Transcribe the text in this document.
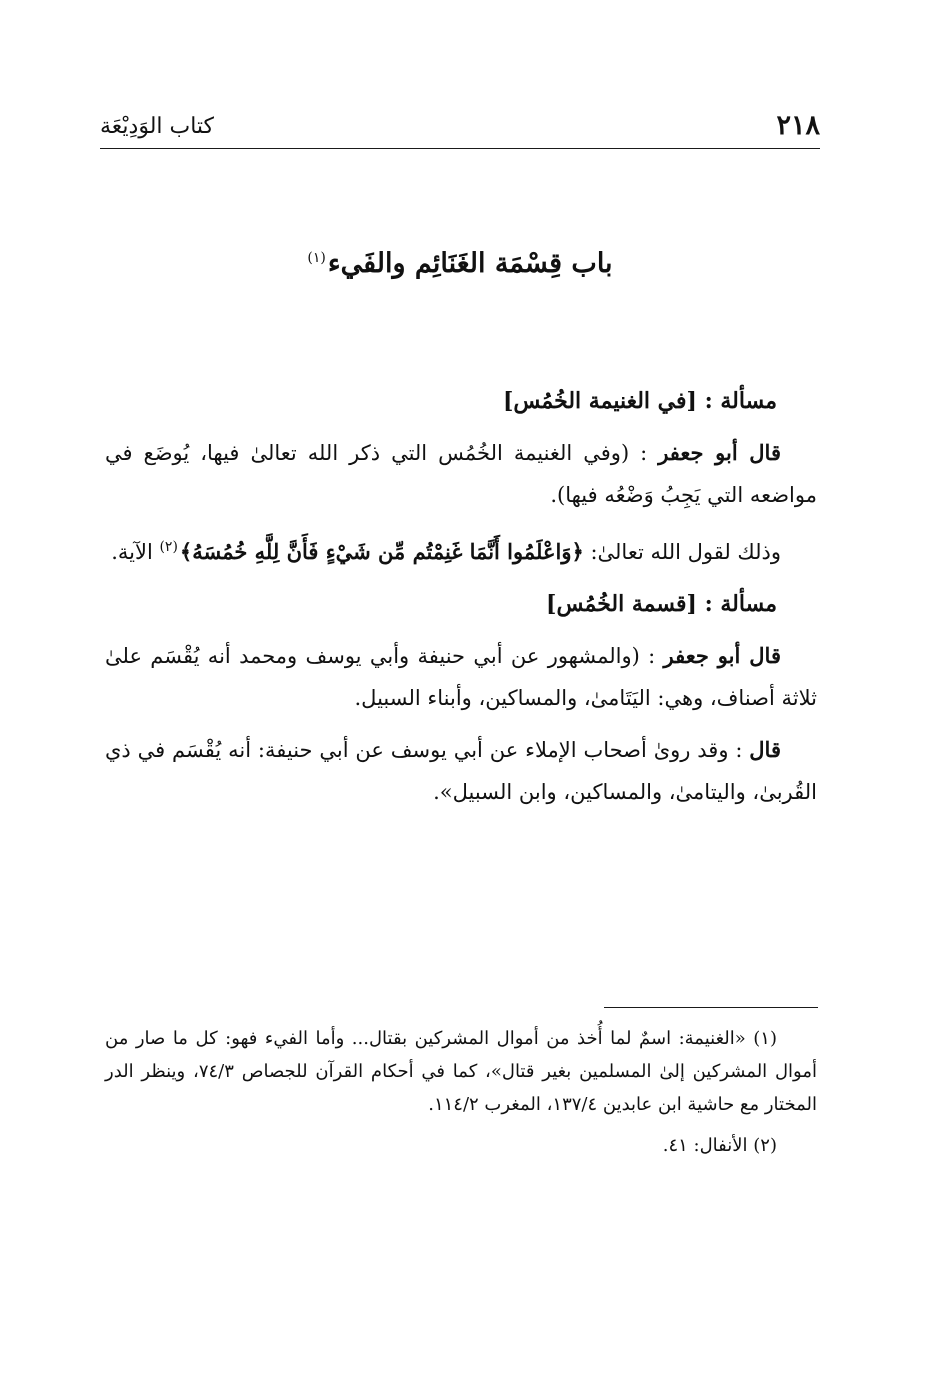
٢١٨
كتاب الوَدِيْعَة
باب قِسْمَة الغَنَائِم والفَيء$^{(١)}$

مسألة : [في الغنيمة الخُمُس]

قال أبو جعفر : (وفي الغنيمة الخُمُس التي ذكر الله تعالىٰ فيها، يُوضَع في مواضعه التي يَجِبُ وَضْعُه فيها).

وذلك لقول الله تعالىٰ: ﴿وَاعْلَمُوا أَنَّمَا غَنِمْتُم مِّن شَيْءٍ فَأَنَّ لِلَّهِ خُمُسَهُ﴾$^{(٢)}$ الآية.

مسألة : [قسمة الخُمُس]

قال أبو جعفر : (والمشهور عن أبي حنيفة وأبي يوسف ومحمد أنه يُقْسَم علىٰ ثلاثة أصناف، وهي: اليَتَامىٰ، والمساكين، وأبناء السبيل.

قال : وقد روىٰ أصحاب الإملاء عن أبي يوسف عن أبي حنيفة: أنه يُقْسَم في ذي القُربىٰ، واليتامىٰ، والمساكين، وابن السبيل».

(١) «الغنيمة: اسمٌ لما أُخذ من أموال المشركين بقتال... وأما الفيء فهو: كل ما صار من أموال المشركين إلىٰ المسلمين بغير قتال»، كما في أحكام القرآن للجصاص ٧٤/٣، وينظر الدر المختار مع حاشية ابن عابدين ١٣٧/٤، المغرب ١١٤/٢.

(٢) الأنفال: ٤١.
